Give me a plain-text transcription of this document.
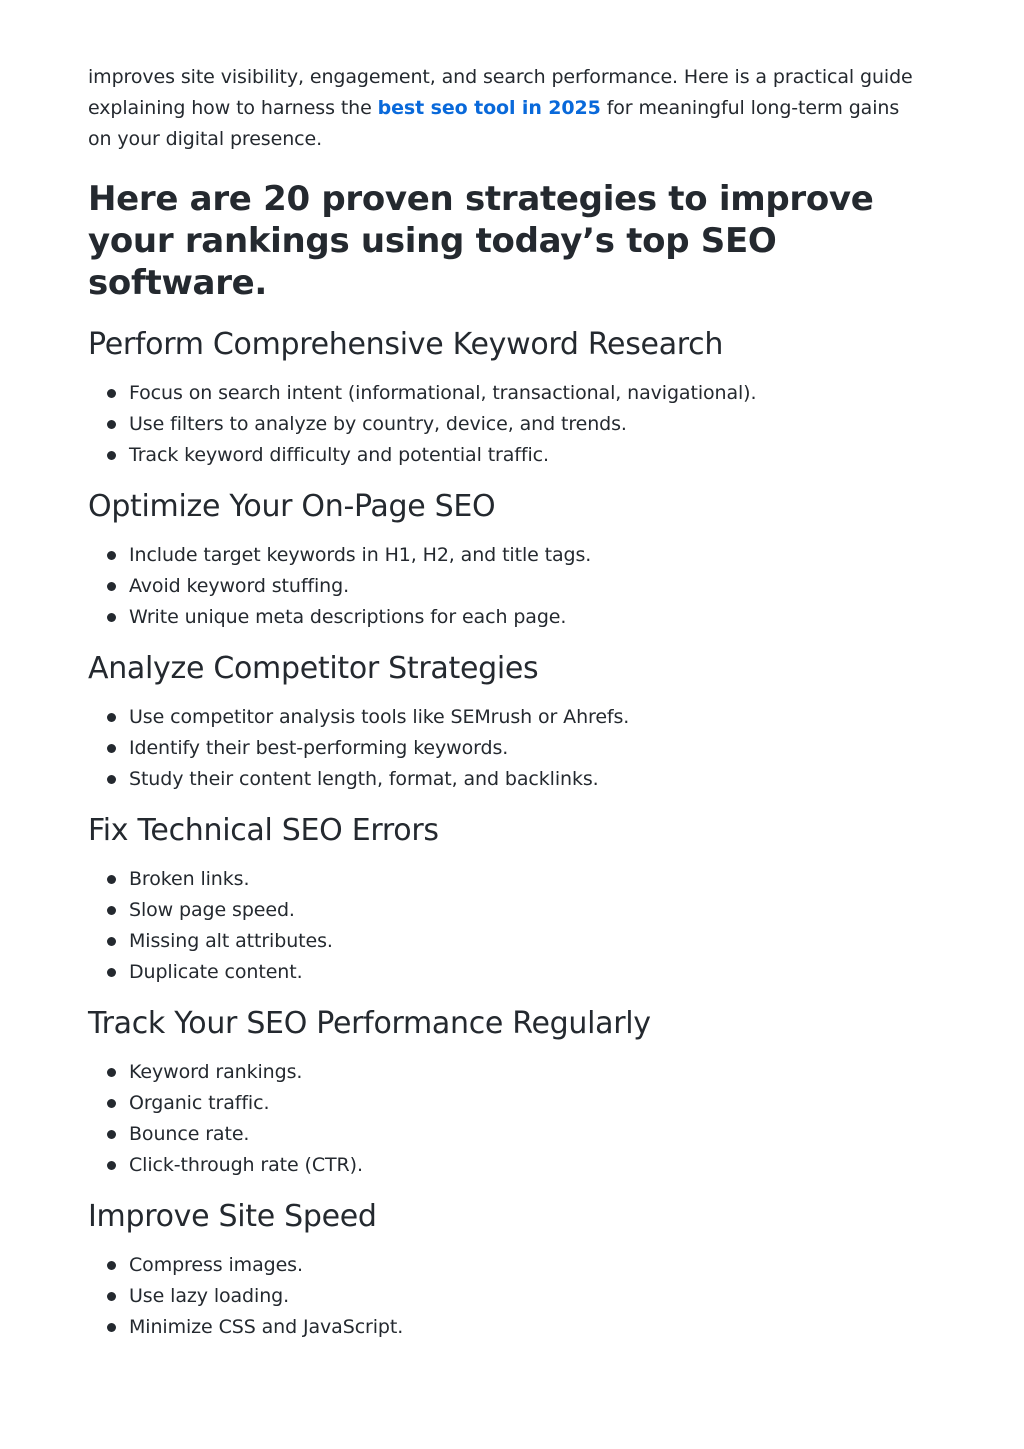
improves site visibility, engagement, and search performance. Here is a practical guide explaining how to harness the best seo tool in 2025 for meaningful long-term gains on your digital presence.

Here are 20 proven strategies to improve your rankings using today’s top SEO software.
Perform Comprehensive Keyword Research
Focus on search intent (informational, transactional, navigational).
Use filters to analyze by country, device, and trends.
Track keyword difficulty and potential traffic.
Optimize Your On-Page SEO
Include target keywords in H1, H2, and title tags.
Avoid keyword stuffing.
Write unique meta descriptions for each page.
Analyze Competitor Strategies
Use competitor analysis tools like SEMrush or Ahrefs.
Identify their best-performing keywords.
Study their content length, format, and backlinks.
Fix Technical SEO Errors
Broken links.
Slow page speed.
Missing alt attributes.
Duplicate content.
Track Your SEO Performance Regularly
Keyword rankings.
Organic traffic.
Bounce rate.
Click-through rate (CTR).
Improve Site Speed
Compress images.
Use lazy loading.
Minimize CSS and JavaScript.
